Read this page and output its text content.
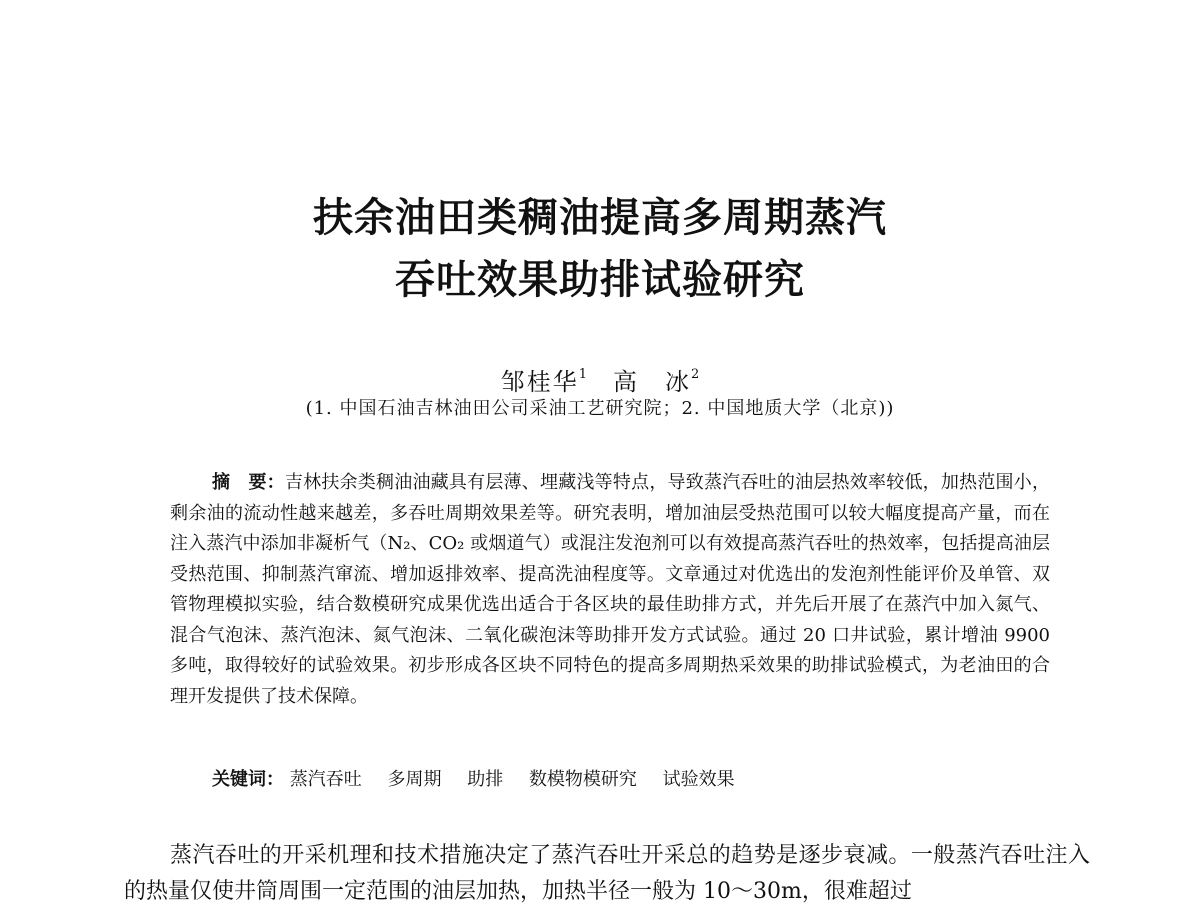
扶余油田类稠油提高多周期蒸汽
吞吐效果助排试验研究
邹桂华$^1$ 高　冰$^2$
(1. 中国石油吉林油田公司采油工艺研究院；2. 中国地质大学（北京))

摘　要：吉林扶余类稠油油藏具有层薄、埋藏浅等特点，导致蒸汽吞吐的油层热效率较低，加热范围小，剩余油的流动性越来越差，多吞吐周期效果差等。研究表明，增加油层受热范围可以较大幅度提高产量，而在注入蒸汽中添加非凝析气（N₂、CO₂ 或烟道气）或混注发泡剂可以有效提高蒸汽吞吐的热效率，包括提高油层受热范围、抑制蒸汽窜流、增加返排效率、提高洗油程度等。文章通过对优选出的发泡剂性能评价及单管、双管物理模拟实验，结合数模研究成果优选出适合于各区块的最佳助排方式，并先后开展了在蒸汽中加入氮气、混合气泡沫、蒸汽泡沫、氮气泡沫、二氧化碳泡沫等助排开发方式试验。通过 20 口井试验，累计增油 9900 多吨，取得较好的试验效果。初步形成各区块不同特色的提高多周期热采效果的助排试验模式，为老油田的合理开发提供了技术保障。

关键词： 蒸汽吞吐 多周期 助排 数模物模研究 试验效果

蒸汽吞吐的开采机理和技术措施决定了蒸汽吞吐开采总的趋势是逐步衰减。一般蒸汽吞吐注入的热量仅使井筒周围一定范围的油层加热，加热半径一般为 10～30m，很难超过
